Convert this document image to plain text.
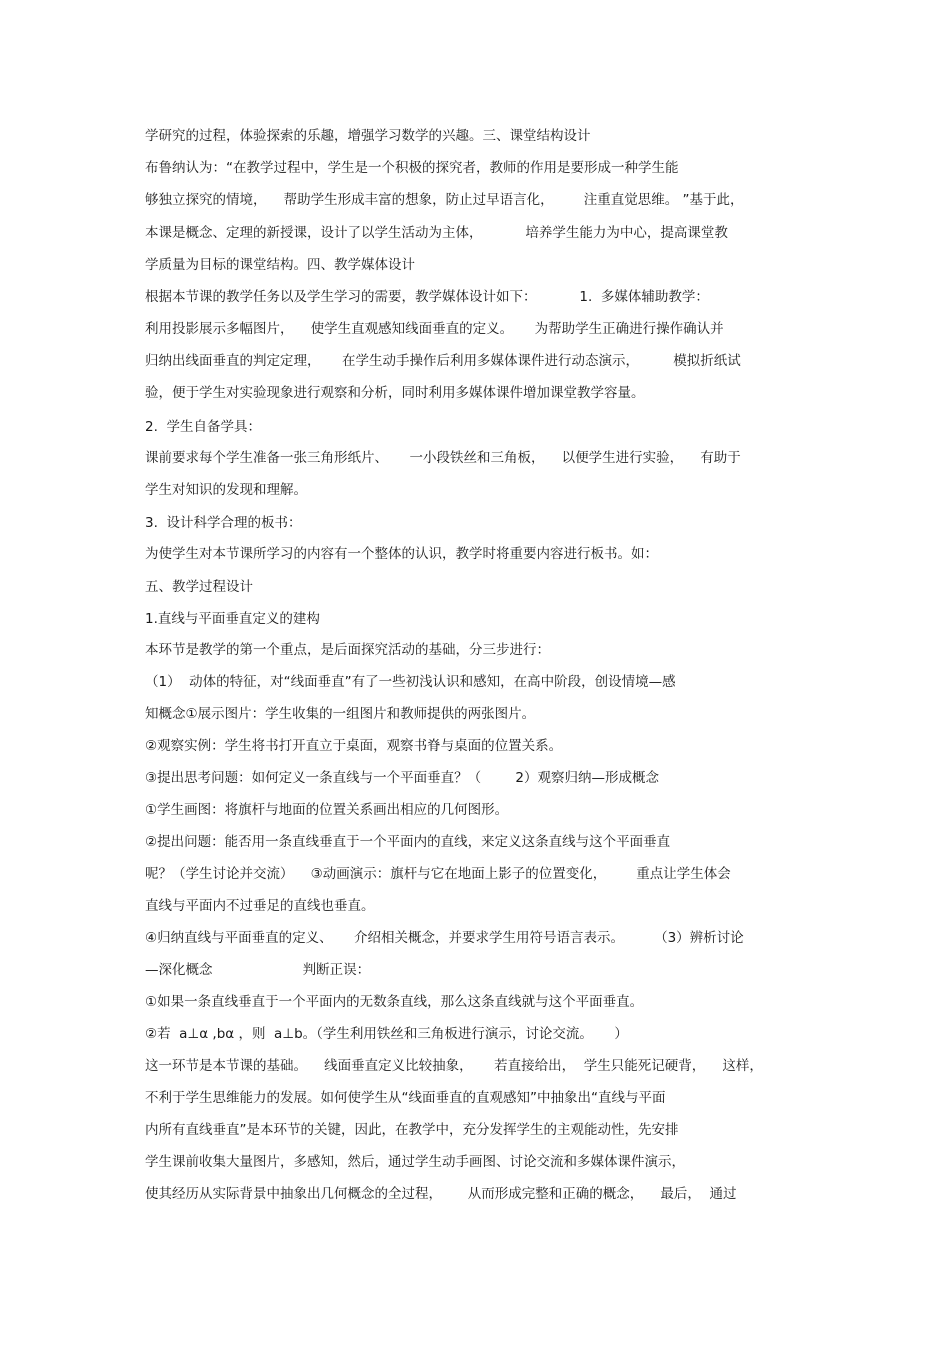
学研究的过程，体验探索的乐趣，增强学习数学的兴趣。三、课堂结构设计
布鲁纳认为：“在教学过程中，学生是一个积极的探究者，教师的作用是要形成一种学生能
够独立探究的情境，    帮助学生形成丰富的想象，防止过早语言化，       注重直觉思维。 ”基于此，
本课是概念、定理的新授课，设计了以学生活动为主体，          培养学生能力为中心，提高课堂教
学质量为目标的课堂结构。四、教学媒体设计
根据本节课的教学任务以及学生学习的需要，教学媒体设计如下：          1.  多媒体辅助教学：
利用投影展示多幅图片，    使学生直观感知线面垂直的定义。     为帮助学生正确进行操作确认并
归纳出线面垂直的判定定理，     在学生动手操作后利用多媒体课件进行动态演示，        模拟折纸试
验，便于学生对实验现象进行观察和分析，同时利用多媒体课件增加课堂教学容量。
2.  学生自备学具：
课前要求每个学生准备一张三角形纸片、     一小段铁丝和三角板，    以便学生进行实验，    有助于
学生对知识的发现和理解。
3.  设计科学合理的板书：
为使学生对本节课所学习的内容有一个整体的认识，教学时将重要内容进行板书。如：
五、教学过程设计
1.直线与平面垂直定义的建构
本环节是教学的第一个重点，是后面探究活动的基础，分三步进行：
（1）  动体的特征，对“线面垂直”有了一些初浅认识和感知，在高中阶段，创设情境—感
知概念①展示图片：学生收集的一组图片和教师提供的两张图片。
②观察实例：学生将书打开直立于桌面，观察书脊与桌面的位置关系。
③提出思考问题：如何定义一条直线与一个平面垂直？（        2）观察归纳—形成概念
①学生画图：将旗杆与地面的位置关系画出相应的几何图形。
②提出问题：能否用一条直线垂直于一个平面内的直线，来定义这条直线与这个平面垂直
呢？（学生讨论并交流）    ③动画演示：旗杆与它在地面上影子的位置变化，       重点让学生体会
直线与平面内不过垂足的直线也垂直。
④归纳直线与平面垂直的定义、     介绍相关概念，并要求学生用符号语言表示。       （3）辨析讨论
—深化概念                     判断正误：
①如果一条直线垂直于一个平面内的无数条直线，那么这条直线就与这个平面垂直。
②若  a⊥α ,bα ，则  a⊥b。（学生利用铁丝和三角板进行演示，讨论交流。     ）
这一环节是本节课的基础。    线面垂直定义比较抽象，     若直接给出，  学生只能死记硬背，    这样，
不利于学生思维能力的发展。如何使学生从“线面垂直的直观感知”中抽象出“直线与平面
内所有直线垂直”是本环节的关键，因此，在教学中，充分发挥学生的主观能动性，先安排
学生课前收集大量图片，多感知，然后，通过学生动手画图、讨论交流和多媒体课件演示，
使其经历从实际背景中抽象出几何概念的全过程，      从而形成完整和正确的概念，    最后，  通过
